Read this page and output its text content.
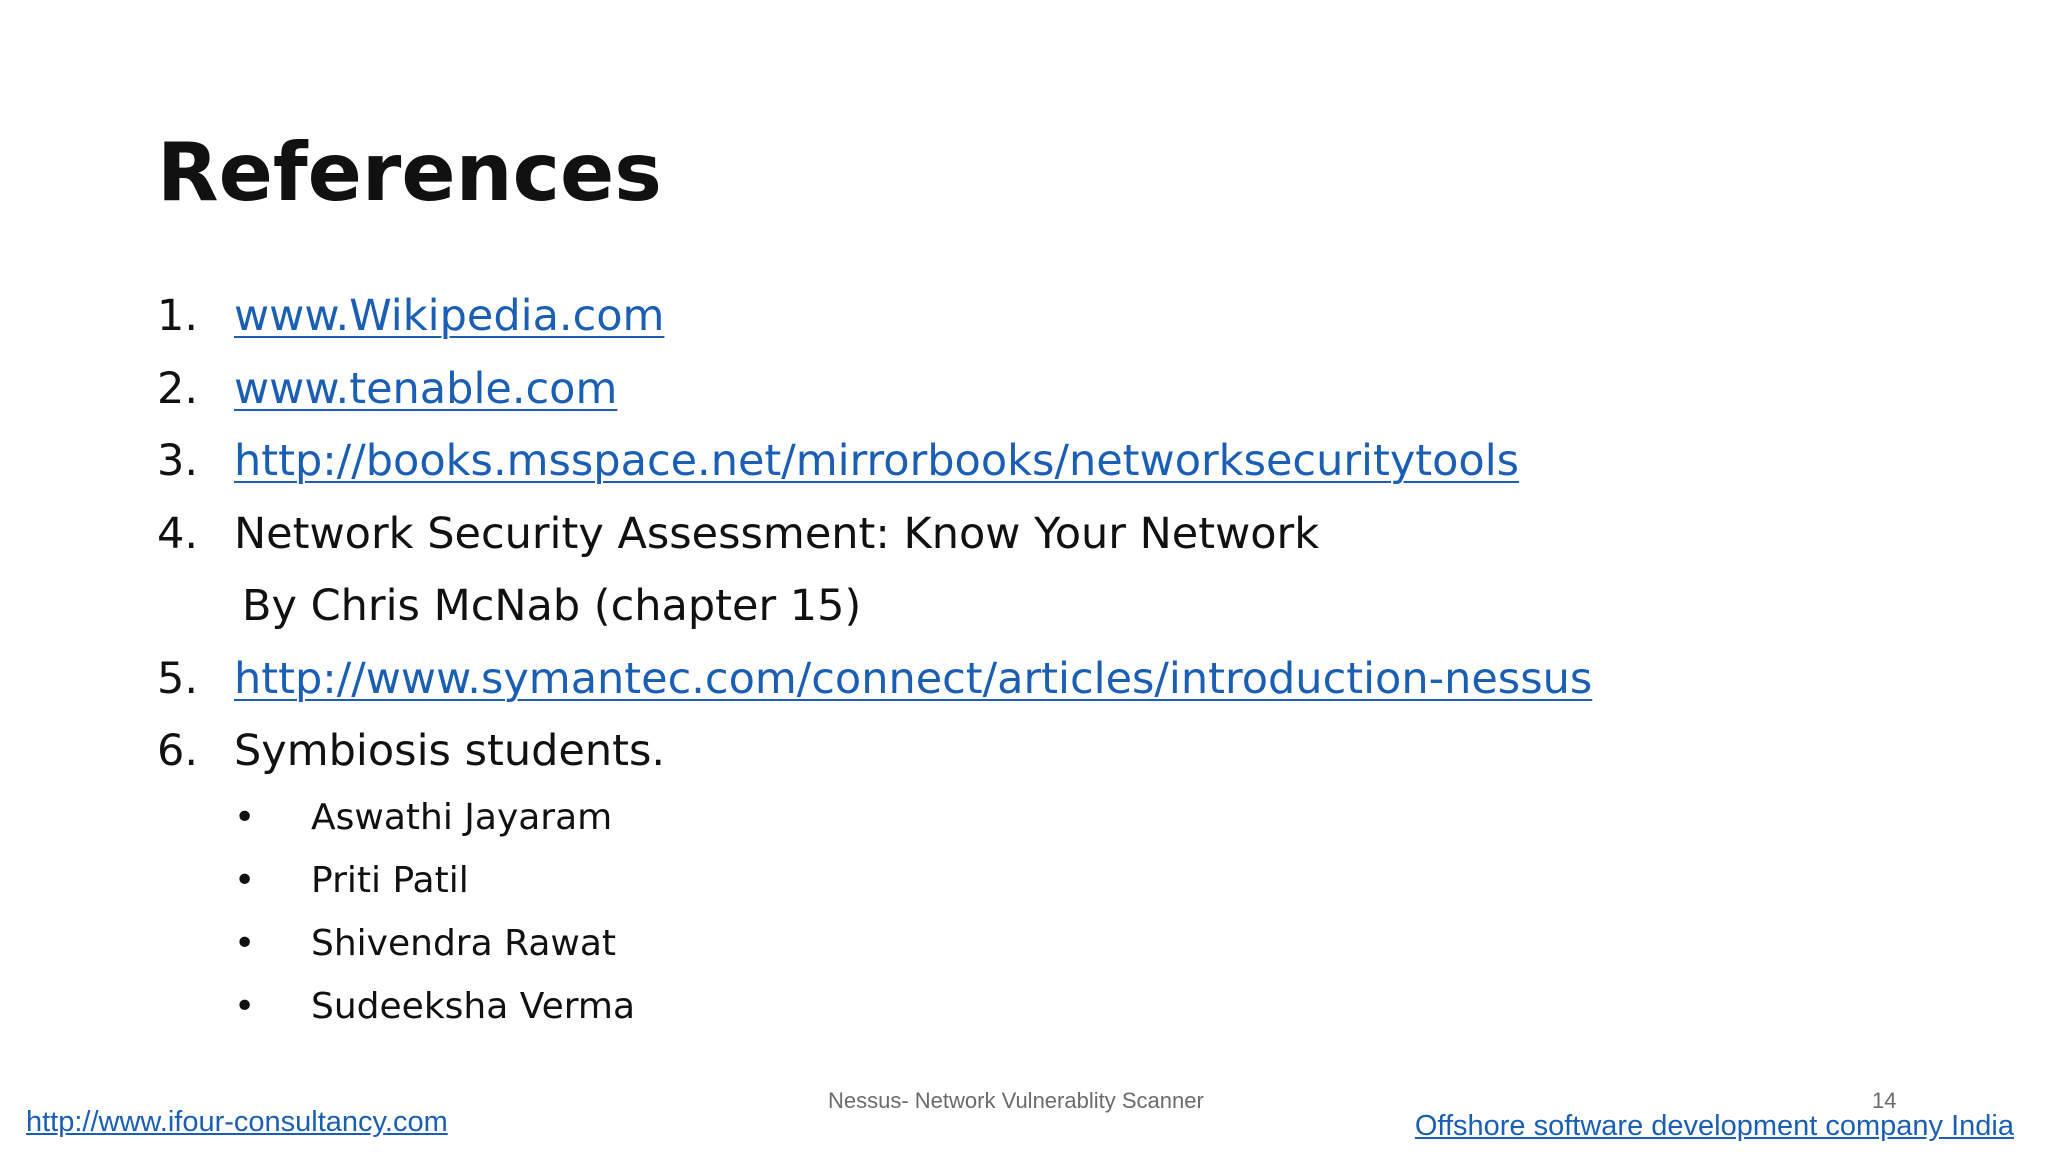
References
1. www.Wikipedia.com
2. www.tenable.com
3. http://books.msspace.net/mirrorbooks/networksecuritytools
4. Network Security Assessment: Know Your Network
By Chris McNab (chapter 15)
5. http://www.symantec.com/connect/articles/introduction-nessus
6. Symbiosis students.
• Aswathi Jayaram
• Priti Patil
• Shivendra Rawat
• Sudeeksha Verma
Nessus- Network Vulnerablity Scanner	14
http://www.ifour-consultancy.com	Offshore software development company India
